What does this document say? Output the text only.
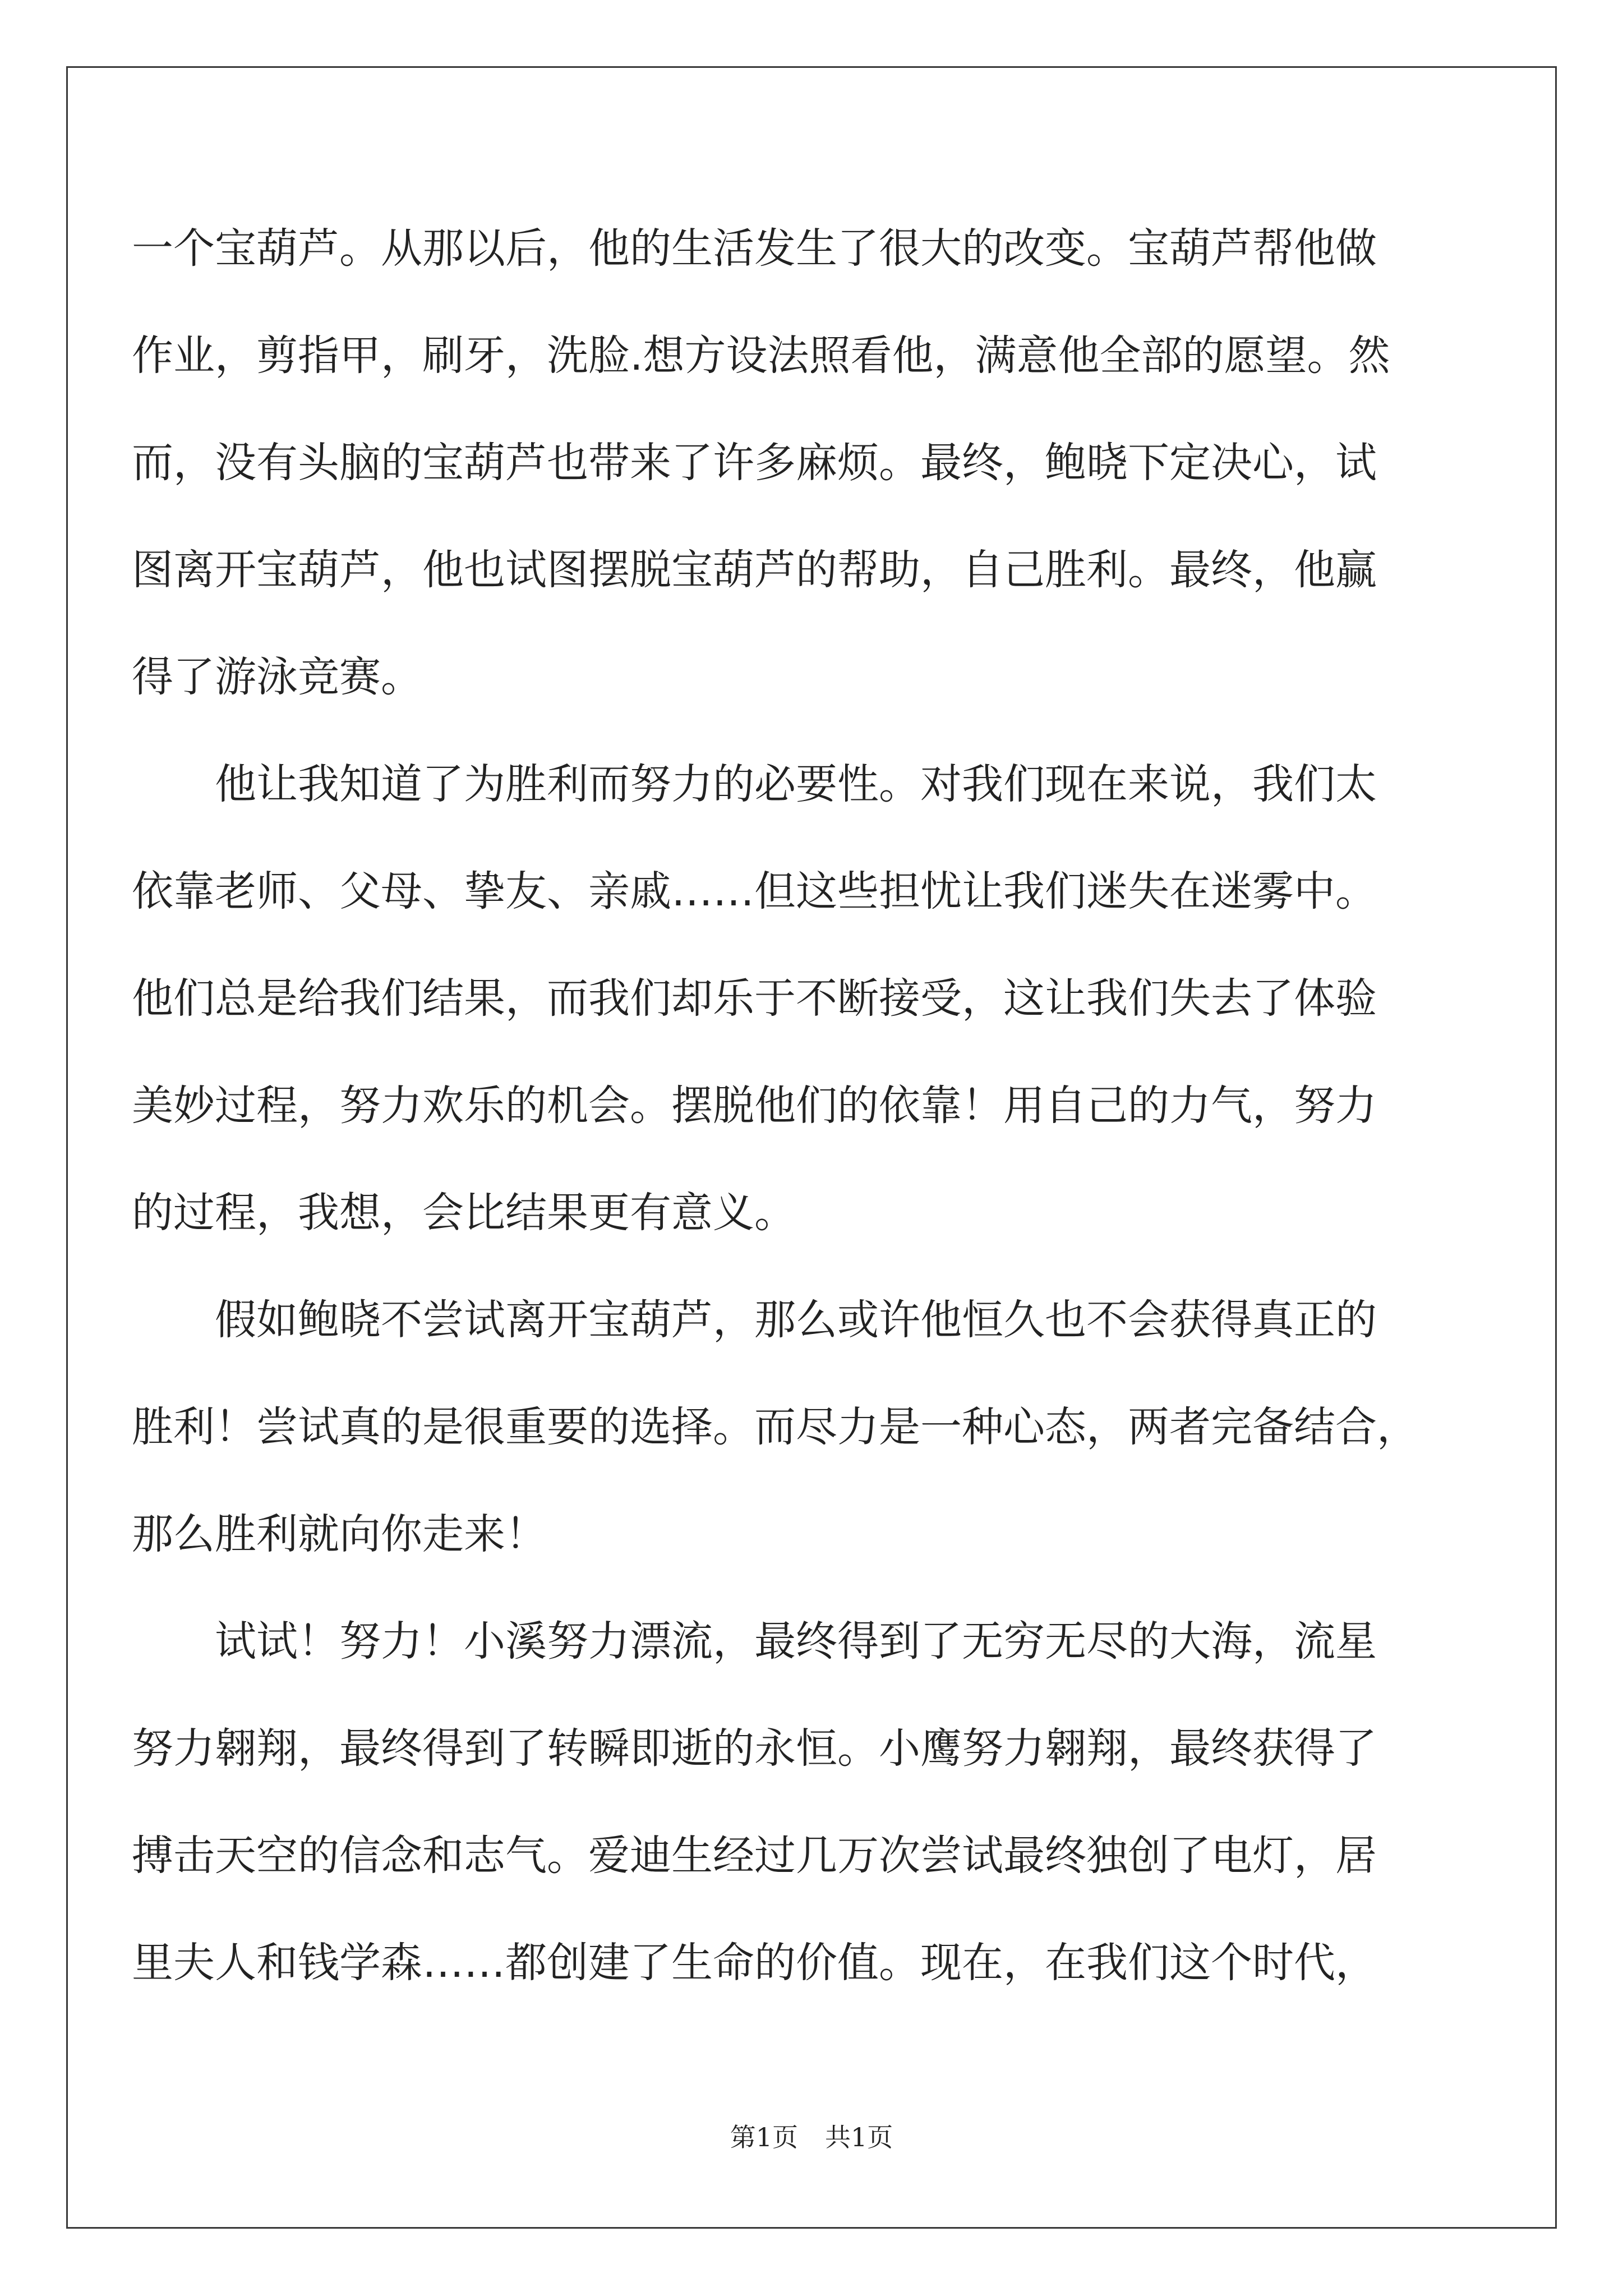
一个宝葫芦。从那以后，他的生活发生了很大的改变。宝葫芦帮他做
作业，剪指甲，刷牙，洗脸.想方设法照看他，满意他全部的愿望。然
而，没有头脑的宝葫芦也带来了许多麻烦。最终，鲍晓下定决心，试
图离开宝葫芦，他也试图摆脱宝葫芦的帮助，自己胜利。最终，他赢
得了游泳竞赛。
他让我知道了为胜利而努力的必要性。对我们现在来说，我们太
依靠老师、父母、挚友、亲戚……但这些担忧让我们迷失在迷雾中。
他们总是给我们结果，而我们却乐于不断接受，这让我们失去了体验
美妙过程，努力欢乐的机会。摆脱他们的依靠！用自己的力气，努力
的过程，我想，会比结果更有意义。
假如鲍晓不尝试离开宝葫芦，那么或许他恒久也不会获得真正的
胜利！尝试真的是很重要的选择。而尽力是一种心态，两者完备结合，
那么胜利就向你走来！
试试！努力！小溪努力漂流，最终得到了无穷无尽的大海，流星
努力翱翔，最终得到了转瞬即逝的永恒。小鹰努力翱翔，最终获得了
搏击天空的信念和志气。爱迪生经过几万次尝试最终独创了电灯，居
里夫人和钱学森……都创建了生命的价值。现在，在我们这个时代，
第1页 共1页
